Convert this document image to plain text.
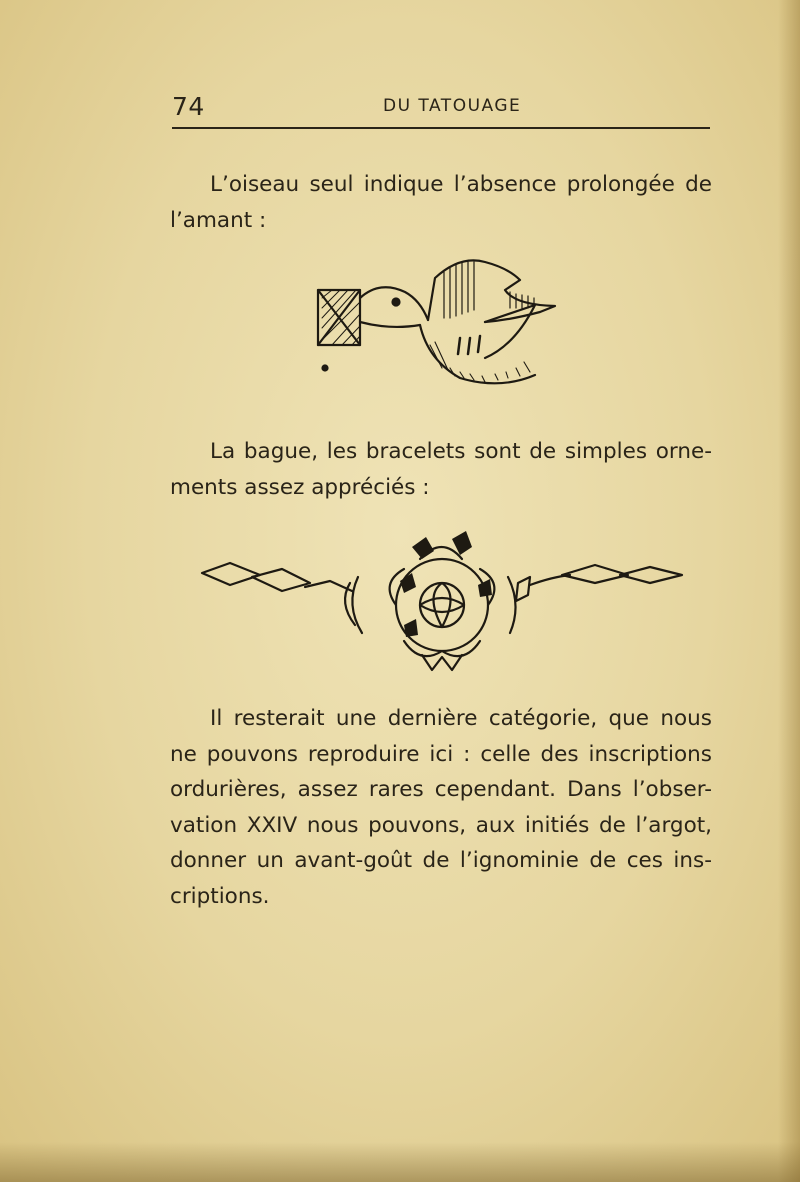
74	DU TATOUAGE

L’oiseau seul indique l’absence prolongée de l’amant :

La bague, les bracelets sont de simples orne-ments assez appréciés :

Il resterait une dernière catégorie, que nous ne pouvons reproduire ici : celle des inscriptions ordurières, assez rares cependant. Dans l’obser-vation XXIV nous pouvons, aux initiés de l’argot, donner un avant-goût de l’ignominie de ces ins-criptions.
